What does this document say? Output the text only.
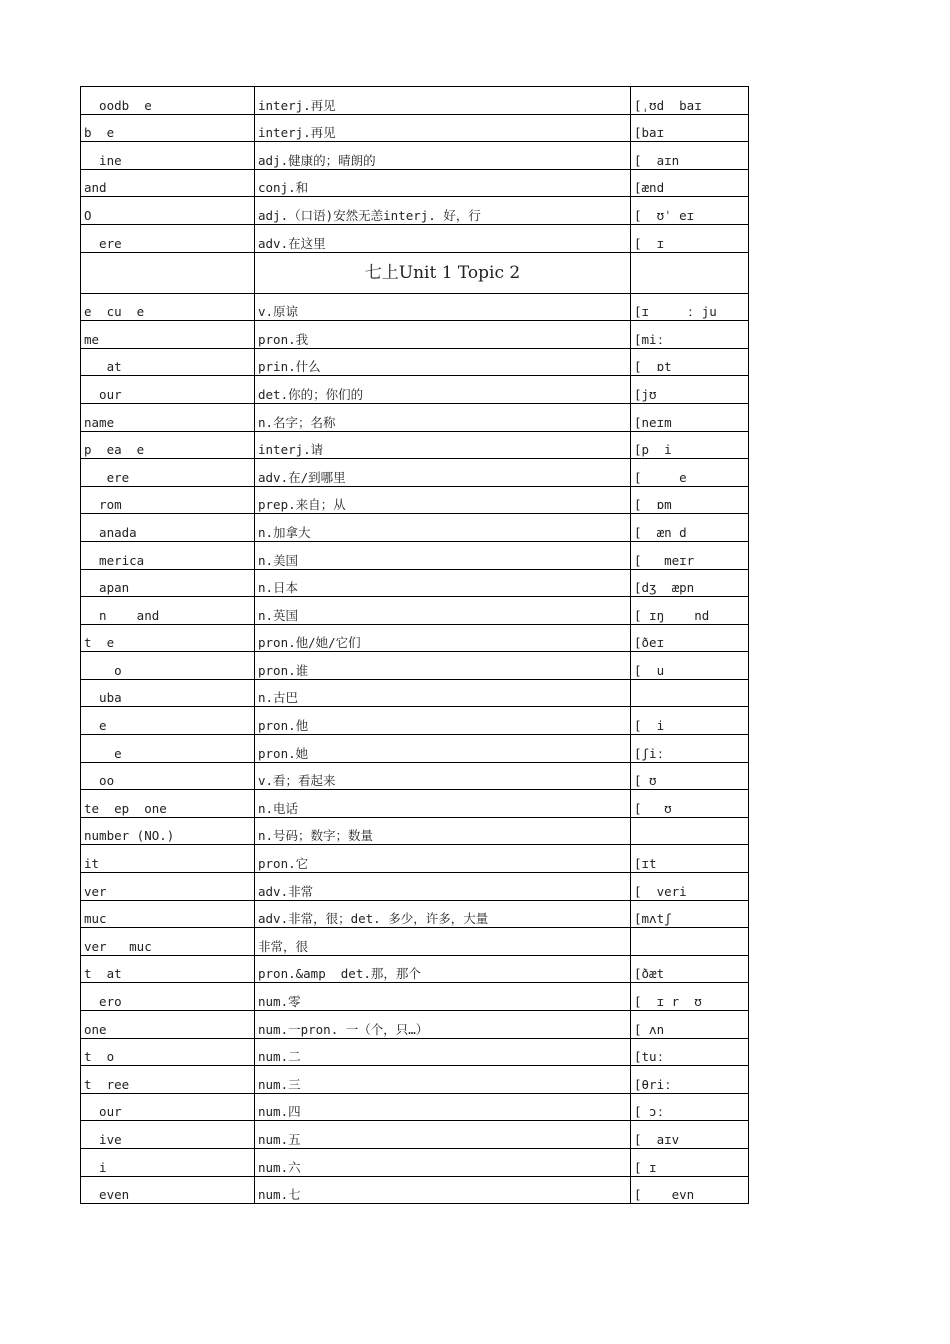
oodb  e	interj.再见	[ˌʊd  baɪ
b  e	interj.再见	[baɪ
ine	adj.健康的；晴朗的	[  aɪn
and	conj.和	[ænd
O	adj.（口语)安然无恙interj. 好，行	[  ʊˈ eɪ
ere	adv.在这里	[  ɪ
	七上Unit 1 Topic 2	
e  cu  e	v.原谅	[ɪ     ː ju
me	pron.我	[miː
at	prin.什么	[  ɒt
our	det.你的；你们的	[jʊ
name	n.名字；名称	[neɪm
p  ea  e	interj.请	[p  i
ere	adv.在/到哪里	[     e
rom	prep.来自；从	[  ɒm
anada	n.加拿大	[  æn d
merica	n.美国	[   meɪr
apan	n.日本	[dʒ  æpn
n    and	n.英国	[ ɪŋ    nd
t  e	pron.他/她/它们	[ðeɪ
o	pron.谁	[  u
uba	n.古巴	
e	pron.他	[  i
e	pron.她	[ʃiː
oo	v.看；看起来	[ ʊ
te  ep  one	n.电话	[   ʊ
number (NO.)	n.号码；数字；数量	
it	pron.它	[ɪt
ver	adv.非常	[  veri
muc	adv.非常，很；det. 多少，许多，大量	[mʌtʃ
ver   muc	非常，很	
t  at	pron.&amp  det.那，那个	[ðæt
ero	num.零	[  ɪ r  ʊ
one	num.一pron. 一（个，只…）	[ ʌn
t  o	num.二	[tuː
t  ree	num.三	[θriː
our	num.四	[ ɔː
ive	num.五	[  aɪv
i	num.六	[ ɪ
even	num.七	[    evn
